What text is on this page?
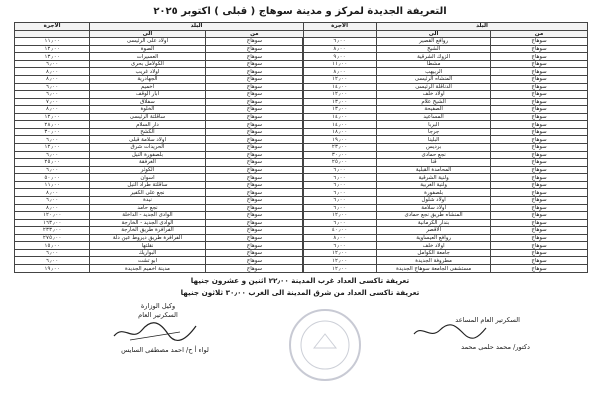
التعريفة الجديدة لمركز و مدينة سوهاج ( قبلى ) اكتوبر ٢٠٢٥
البلد		الاجرة
من	الى	
سوهاج	روافع القصير	٦٫٠٠
سوهاج	الشيخ	٨٫٠٠
سوهاج	الزوك الشرقية	٩٫٠٠
سوهاج	مشطا	١١٫٠٠
سوهاج	الربيهب	٨٫٠٠
سوهاج	المنشاه الرئيسى	١٢٫٠٠
سوهاج	الدناقلة الرئيسى	١٤٫٠٠
سوهاج	اولاد خلف	١٢٫٠٠
سوهاج	الشيخ علام	١٣٫٠٠
سوهاج	الصفيحة	١٣٫٠٠
سوهاج	المساعيد	١٤٫٠٠
سوهاج	البربا	١٤٫٠٠
سوهاج	جرجا	١٨٫٠٠
سوهاج	البلينا	١٩٫٠٠
سوهاج	برديس	٢٣٫٠٠
سوهاج	نجع حمادى	٣٠٫٠٠
سوهاج	قنا	٢٥٫٠٠
سوهاج	المحامدة القبلية	٦٫٠٠
سوهاج	ولنية الشرقية	٦٫٠٠
سوهاج	ولنية الغربية	٦٫٠٠
سوهاج	بلصفورة	٦٫٠٠
سوهاج	اولاد شلول	٦٫٠٠
سوهاج	اولاد سلامة	٦٫٠٠
سوهاج	المنشاه طريق نجع حمادى	١٢٫٠٠
سوهاج	بندار الكرمانية	٦٫٠٠
سوهاج	الاقصر	٤٠٫٠٠
سوهاج	روافع العيساوية	٨٫٠٠
سوهاج	اولاد خلف	٦٫٠٠
سوهاج	جامعة الكوامل	١٢٫٠٠
سوهاج	مطروفة الجديدة	١٢٫٠٠
سوهاج	مستشفى الجامعة سوهاج الجديدة	١٢٫٠٠
البلد		الاجرة
من	الى	
سوهاج	اولاد على الرئيسى	١١٫٠٠
سوهاج	الصوة	١٢٫٠٠
سوهاج	العسيرات	١٣٫٠٠
سوهاج	الكولامل بحرى	٦٫٠٠
سوهاج	اولاد غريب	٨٫٠٠
سوهاج	الجهادرية	٨٫٠٠
سوهاج	اخميم	٦٫٠٠
سوهاج	ابار الوقف	٦٫٠٠
سوهاج	سفلاق	٧٫٠٠
سوهاج	الخلوة	٨٫٠٠
سوهاج	ساقلتة الرئيسى	١٢٫٠٠
سوهاج	دار السلام	٢٨٫٠٠
سوهاج	الكشح	٣٠٫٠٠
سوهاج	اولاد سلامة قبلى	٦٫٠٠
سوهاج	الحريدات شرق	١٢٫٠٠
سوهاج	بلصفورة النيل	٦٫٠٠
سوهاج	الغرفقة	٢٥٫٠٠
سوهاج	الكوثر	٦٫٠٠
سوهاج	اسوان	٥٠٫٠٠
سوهاج	ساقلتة طراد النيل	١١٫٠٠
سوهاج	نجع على الكفير	٨٫٠٠
سوهاج	نيدة	٦٫٠٠
سوهاج	نجع حامد	٨٫٠٠
سوهاج	الوادى الجديد - الداخلة	١٢٠٫٠٠
سوهاج	الوادى الجديد - الخارجة	١٦٣٫٠٠
سوهاج	الفرافرة طريق الخارجة	٢٣٣٫٠٠
سوهاج	الفرافرة طريق ديروط عين دلة	٢٧٥٫٠٠
سوهاج	نقلتها	١٥٫٠٠
سوهاج	البواريك	٦٫٠٠
سوهاج	ابو تشت	٦٫٠٠
سوهاج	مدينة اخميم الجديدة	١٩٫٠٠
تعريفة تاكسى العداد غرب المدينة ٢٢٫٠٠ اثنين و عشرون جنيها
تعريفة تاكسى العداد من شرق المدينة الى الغرب ٣٠٫٠٠ ثلاثون جنيها
السكرتير العام المساعد
دكتور/ محمد حلمى محمد
وكيل الوزارة
السكرتير العام
لواء أ ح/ احمد مصطفى السايس
